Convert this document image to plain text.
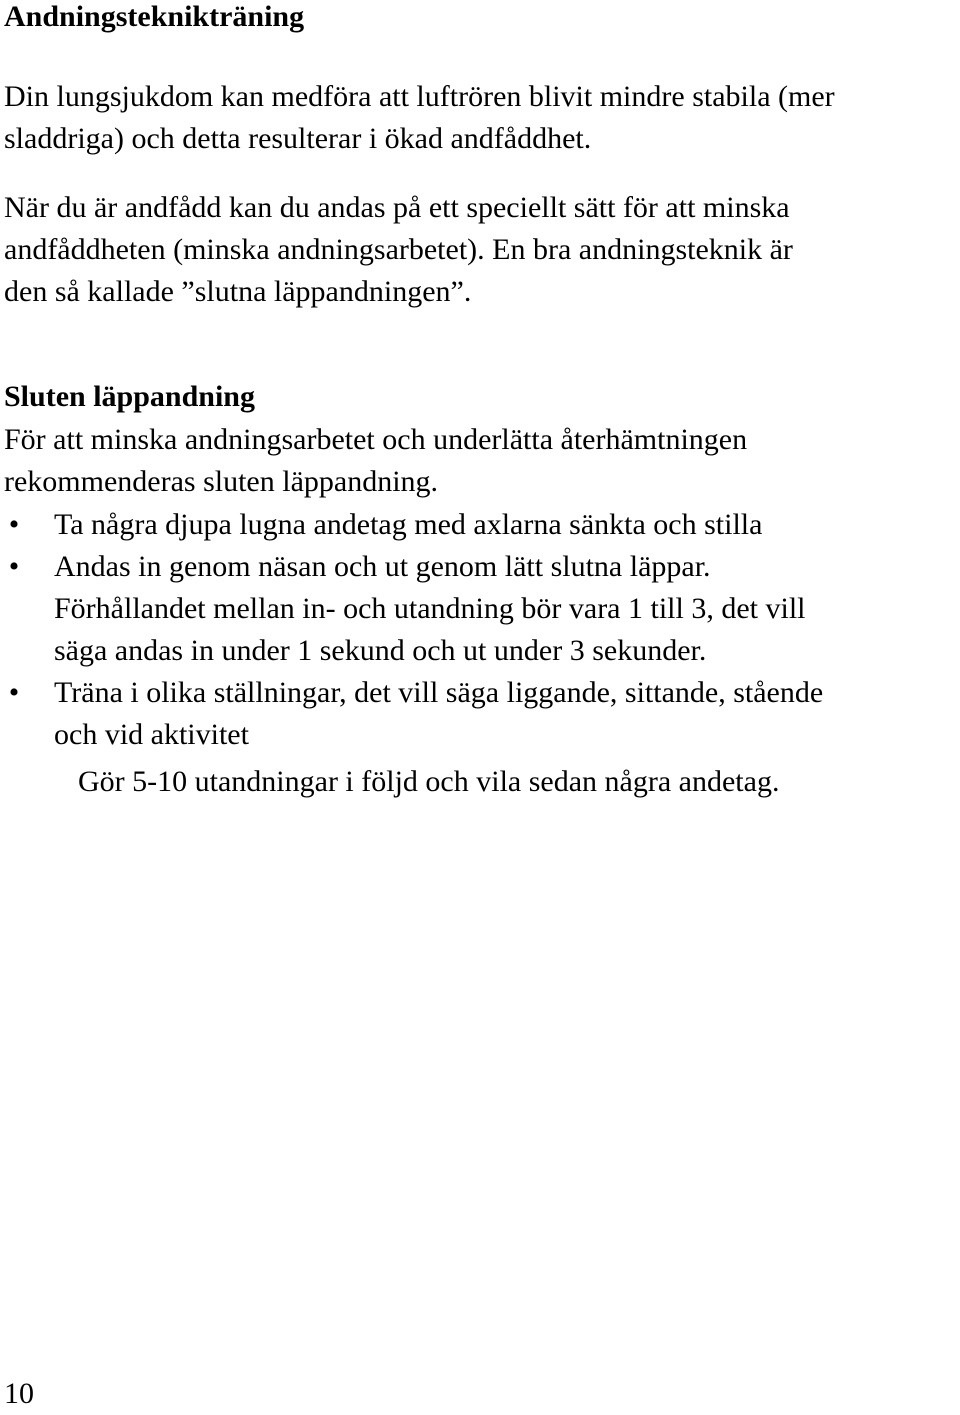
Andningsteknikträning

Din lungsjukdom kan medföra att luftrören blivit mindre stabila (mer
sladdriga) och detta resulterar i ökad andfåddhet.

När du är andfådd kan du andas på ett speciellt sätt för att minska
andfåddheten (minska andningsarbetet). En bra andningsteknik är
den så kallade ”slutna läppandningen”.

Sluten läppandning

För att minska andningsarbetet och underlätta återhämtningen
rekommenderas sluten läppandning.

• Ta några djupa lugna andetag med axlarna sänkta och stilla
• Andas in genom näsan och ut genom lätt slutna läppar.
Förhållandet mellan in- och utandning bör vara 1 till 3, det vill
säga andas in under 1 sekund och ut under 3 sekunder.
• Träna i olika ställningar, det vill säga liggande, sittande, stående
och vid aktivitet

Gör 5-10 utandningar i följd och vila sedan några andetag.

10
